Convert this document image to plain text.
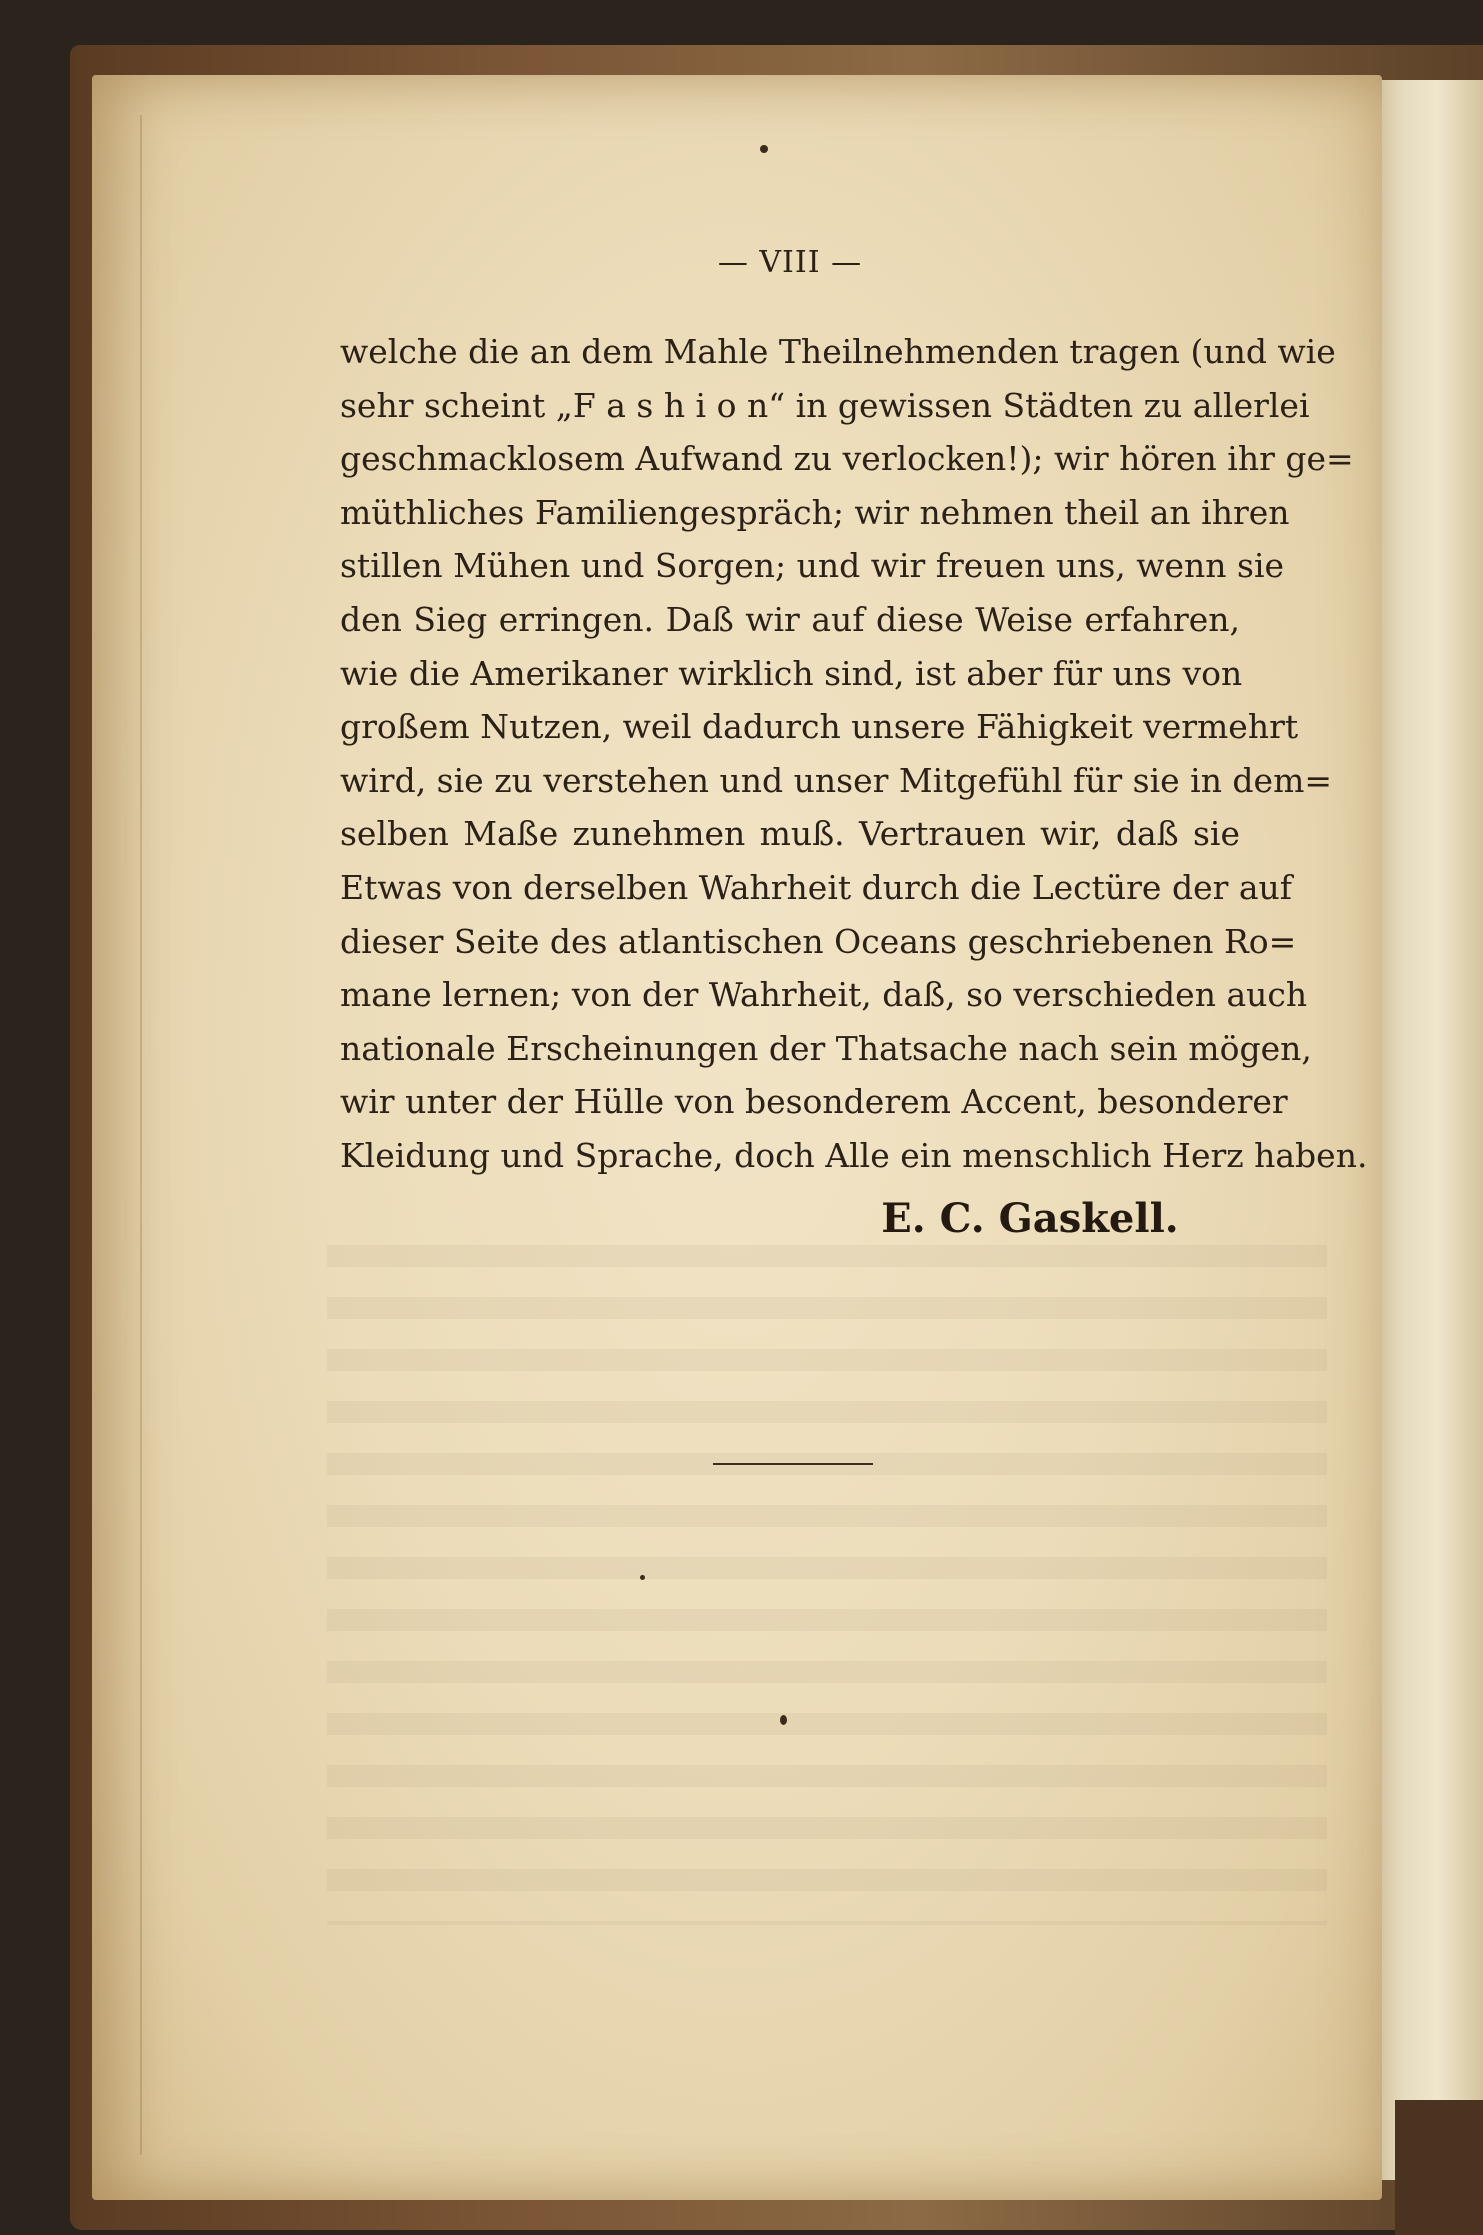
— VIII —
welche die an dem Mahle Theilnehmenden tragen (und wie
sehr scheint „F a s h i o n“ in gewissen Städten zu allerlei
geschmacklosem Aufwand zu verlocken!); wir hören ihr ge=
müthliches Familiengespräch; wir nehmen theil an ihren
stillen Mühen und Sorgen; und wir freuen uns, wenn sie
den Sieg erringen. Daß wir auf diese Weise erfahren,
wie die Amerikaner wirklich sind, ist aber für uns von
großem Nutzen, weil dadurch unsere Fähigkeit vermehrt
wird, sie zu verstehen und unser Mitgefühl für sie in dem=
selben Maße zunehmen muß. Vertrauen wir, daß sie
Etwas von derselben Wahrheit durch die Lectüre der auf
dieser Seite des atlantischen Oceans geschriebenen Ro=
mane lernen; von der Wahrheit, daß, so verschieden auch
nationale Erscheinungen der Thatsache nach sein mögen,
wir unter der Hülle von besonderem Accent, besonderer
Kleidung und Sprache, doch Alle ein menschlich Herz haben.
E. C. Gaskell.
